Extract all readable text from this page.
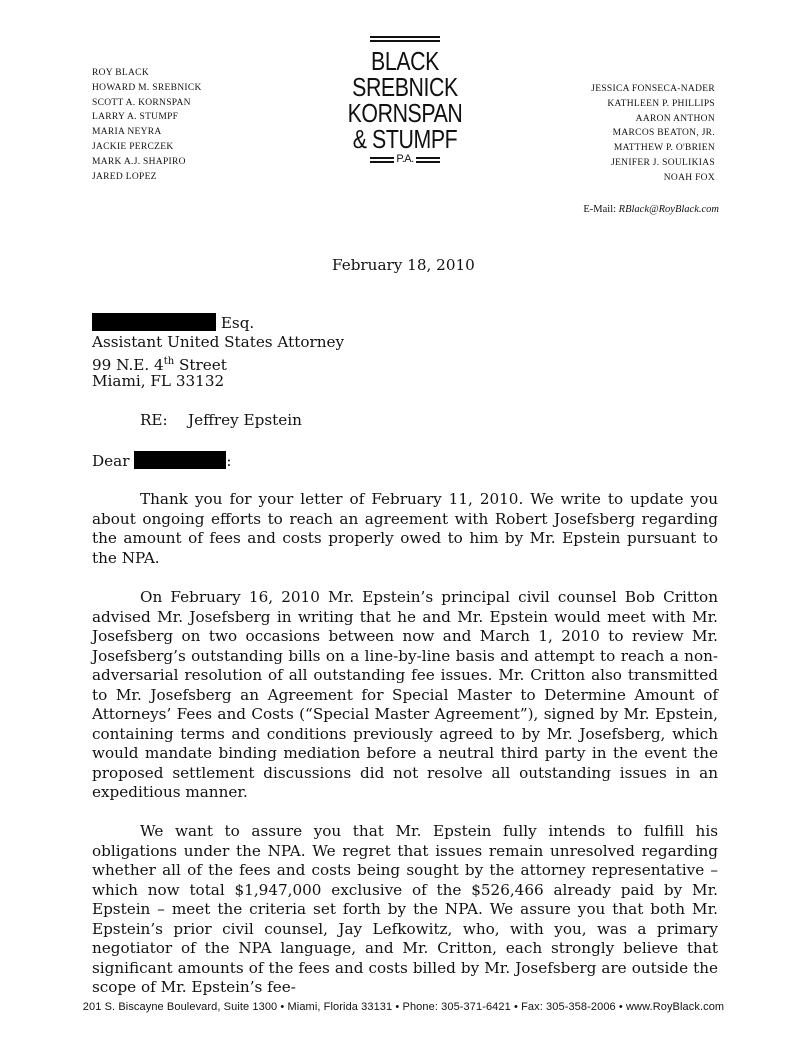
ROY BLACK
HOWARD M. SREBNICK
SCOTT A. KORNSPAN
LARRY A. STUMPF
MARIA NEYRA
JACKIE PERCZEK
MARK A.J. SHAPIRO
JARED LOPEZ
BLACK
SREBNICK
KORNSPAN
& STUMPF
P.A.
JESSICA FONSECA-NADER
KATHLEEN P. PHILLIPS
AARON ANTHON
MARCOS BEATON, JR.
MATTHEW P. O'BRIEN
JENIFER J. SOULIKIAS
NOAH FOX
E-Mail: RBlack@RoyBlack.com
February 18, 2010
Esq.
Assistant United States Attorney
99 N.E. 4th Street
Miami, FL 33132
RE: Jeffrey Epstein
Dear	:
Thank you for your letter of February 11, 2010. We write to update you about ongoing efforts to reach an agreement with Robert Josefsberg regarding the amount of fees and costs properly owed to him by Mr. Epstein pursuant to the NPA.
On February 16, 2010 Mr. Epstein’s principal civil counsel Bob Critton advised Mr. Josefsberg in writing that he and Mr. Epstein would meet with Mr. Josefsberg on two occasions between now and March 1, 2010 to review Mr. Josefsberg’s outstanding bills on a line-by-line basis and attempt to reach a non-adversarial resolution of all outstanding fee issues. Mr. Critton also transmitted to Mr. Josefsberg an Agreement for Special Master to Determine Amount of Attorneys’ Fees and Costs (“Special Master Agreement”), signed by Mr. Epstein, containing terms and conditions previously agreed to by Mr. Josefsberg, which would mandate binding mediation before a neutral third party in the event the proposed settlement discussions did not resolve all outstanding issues in an expeditious manner.
We want to assure you that Mr. Epstein fully intends to fulfill his obligations under the NPA. We regret that issues remain unresolved regarding whether all of the fees and costs being sought by the attorney representative – which now total $1,947,000 exclusive of the $526,466 already paid by Mr. Epstein – meet the criteria set forth by the NPA. We assure you that both Mr. Epstein’s prior civil counsel, Jay Lefkowitz, who, with you, was a primary negotiator of the NPA language, and Mr. Critton, each strongly believe that significant amounts of the fees and costs billed by Mr. Josefsberg are outside the scope of Mr. Epstein’s fee-
201 S. Biscayne Boulevard, Suite 1300 • Miami, Florida 33131 • Phone: 305-371-6421 • Fax: 305-358-2006 • www.RoyBlack.com
